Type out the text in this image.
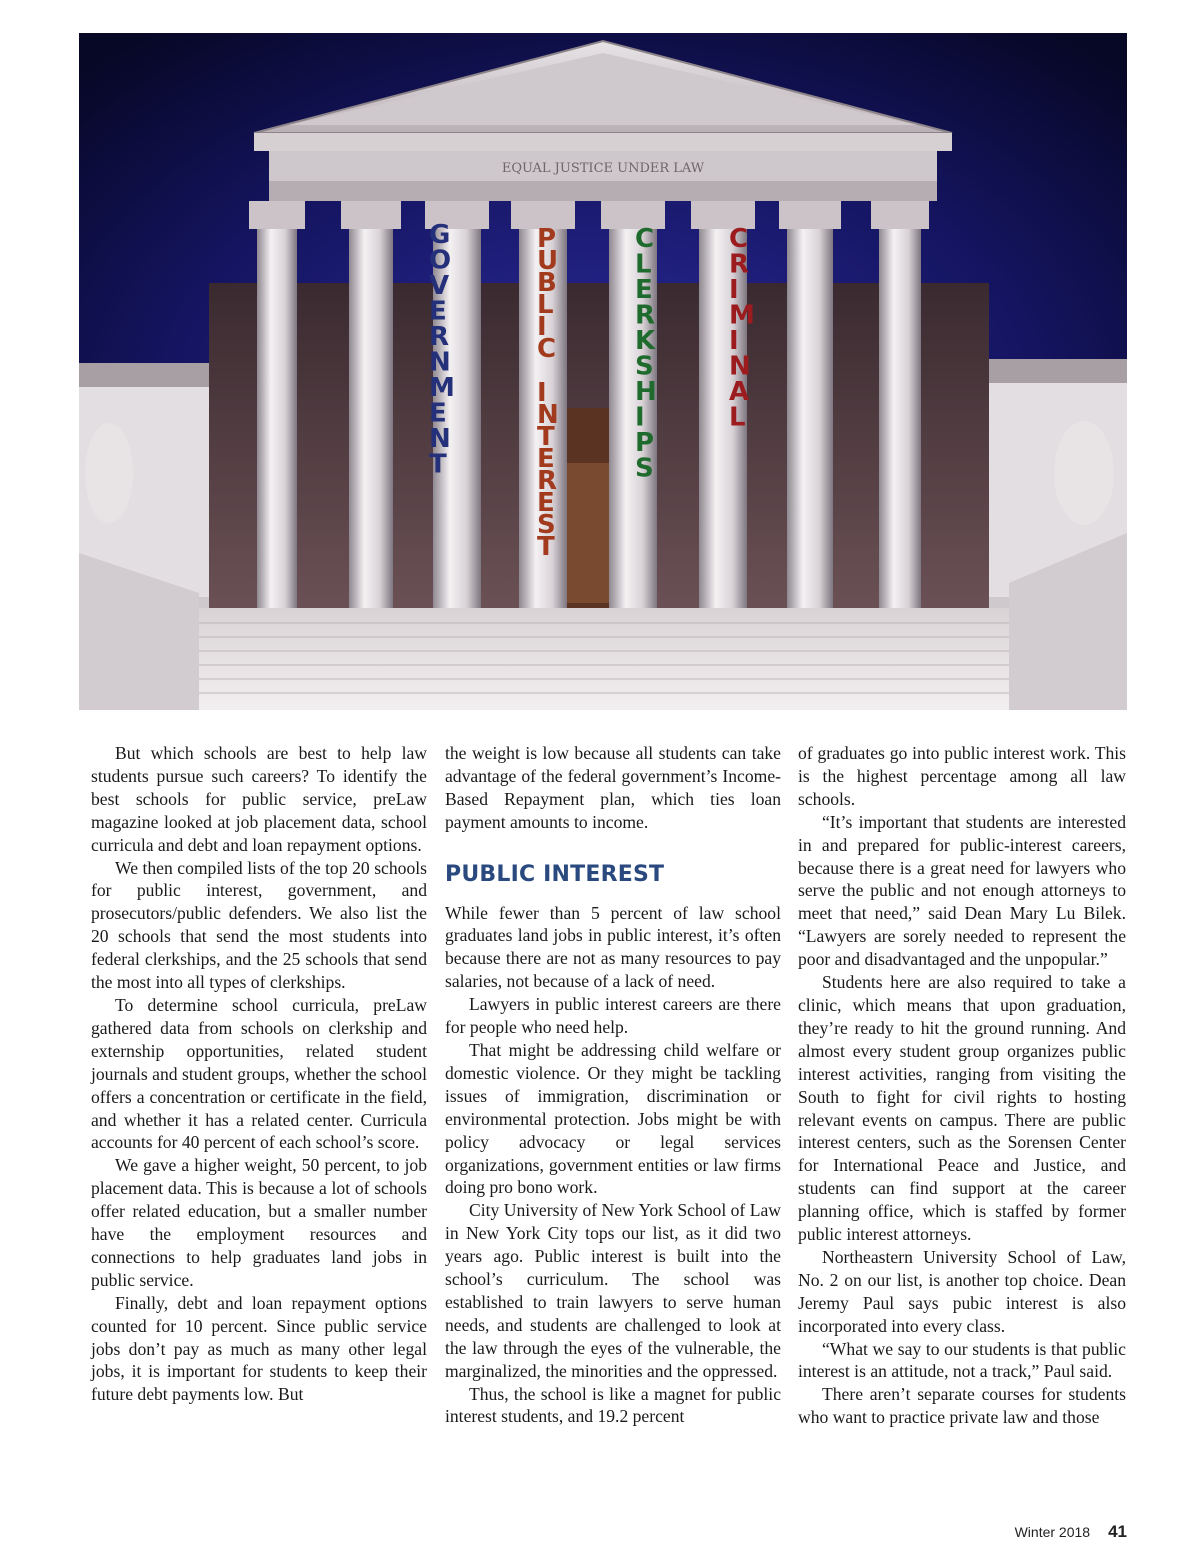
EQUAL JUSTICE UNDER LAW
G O V E R N M E N T
P U B L I C I N T E R E S T
C L E R K S H I P S
C R I M I N A L

But which schools are best to help law students pursue such careers? To identify the best schools for public service, preLaw magazine looked at job placement data, school curricula and debt and loan repayment options.

We then compiled lists of the top 20 schools for public interest, government, and prosecutors/public defenders. We also list the 20 schools that send the most students into federal clerkships, and the 25 schools that send the most into all types of clerkships.

To determine school curricula, preLaw gathered data from schools on clerkship and externship opportunities, related student journals and student groups, whether the school offers a concentration or certificate in the field, and whether it has a related center. Curricula accounts for 40 percent of each school’s score.

We gave a higher weight, 50 percent, to job placement data. This is because a lot of schools offer related education, but a smaller number have the employment resources and connections to help graduates land jobs in public service.

Finally, debt and loan repayment options counted for 10 percent. Since public service jobs don’t pay as much as many other legal jobs, it is important for students to keep their future debt payments low. But

the weight is low because all students can take advantage of the federal government’s Income-Based Repayment plan, which ties loan payment amounts to income.

PUBLIC INTEREST

While fewer than 5 percent of law school graduates land jobs in public interest, it’s often because there are not as many resources to pay salaries, not because of a lack of need.

Lawyers in public interest careers are there for people who need help.

That might be addressing child welfare or domestic violence. Or they might be tackling issues of immigration, discrimination or environmental protection. Jobs might be with policy advocacy or legal services organizations, government entities or law firms doing pro bono work.

City University of New York School of Law in New York City tops our list, as it did two years ago. Public interest is built into the school’s curriculum. The school was established to train lawyers to serve human needs, and students are challenged to look at the law through the eyes of the vulnerable, the marginalized, the minorities and the oppressed.

Thus, the school is like a magnet for public interest students, and 19.2 percent

of graduates go into public interest work. This is the highest percentage among all law schools.

“It’s important that students are interested in and prepared for public-interest careers, because there is a great need for lawyers who serve the public and not enough attorneys to meet that need,” said Dean Mary Lu Bilek. “Lawyers are sorely needed to represent the poor and disadvantaged and the unpopular.”

Students here are also required to take a clinic, which means that upon graduation, they’re ready to hit the ground running. And almost every student group organizes public interest activities, ranging from visiting the South to fight for civil rights to hosting relevant events on campus. There are public interest centers, such as the Sorensen Center for International Peace and Justice, and students can find support at the career planning office, which is staffed by former public interest attorneys.

Northeastern University School of Law, No. 2 on our list, is another top choice. Dean Jeremy Paul says pubic interest is also incorporated into every class.

“What we say to our students is that public interest is an attitude, not a track,” Paul said.

There aren’t separate courses for students who want to practice private law and those

Winter 2018 41
